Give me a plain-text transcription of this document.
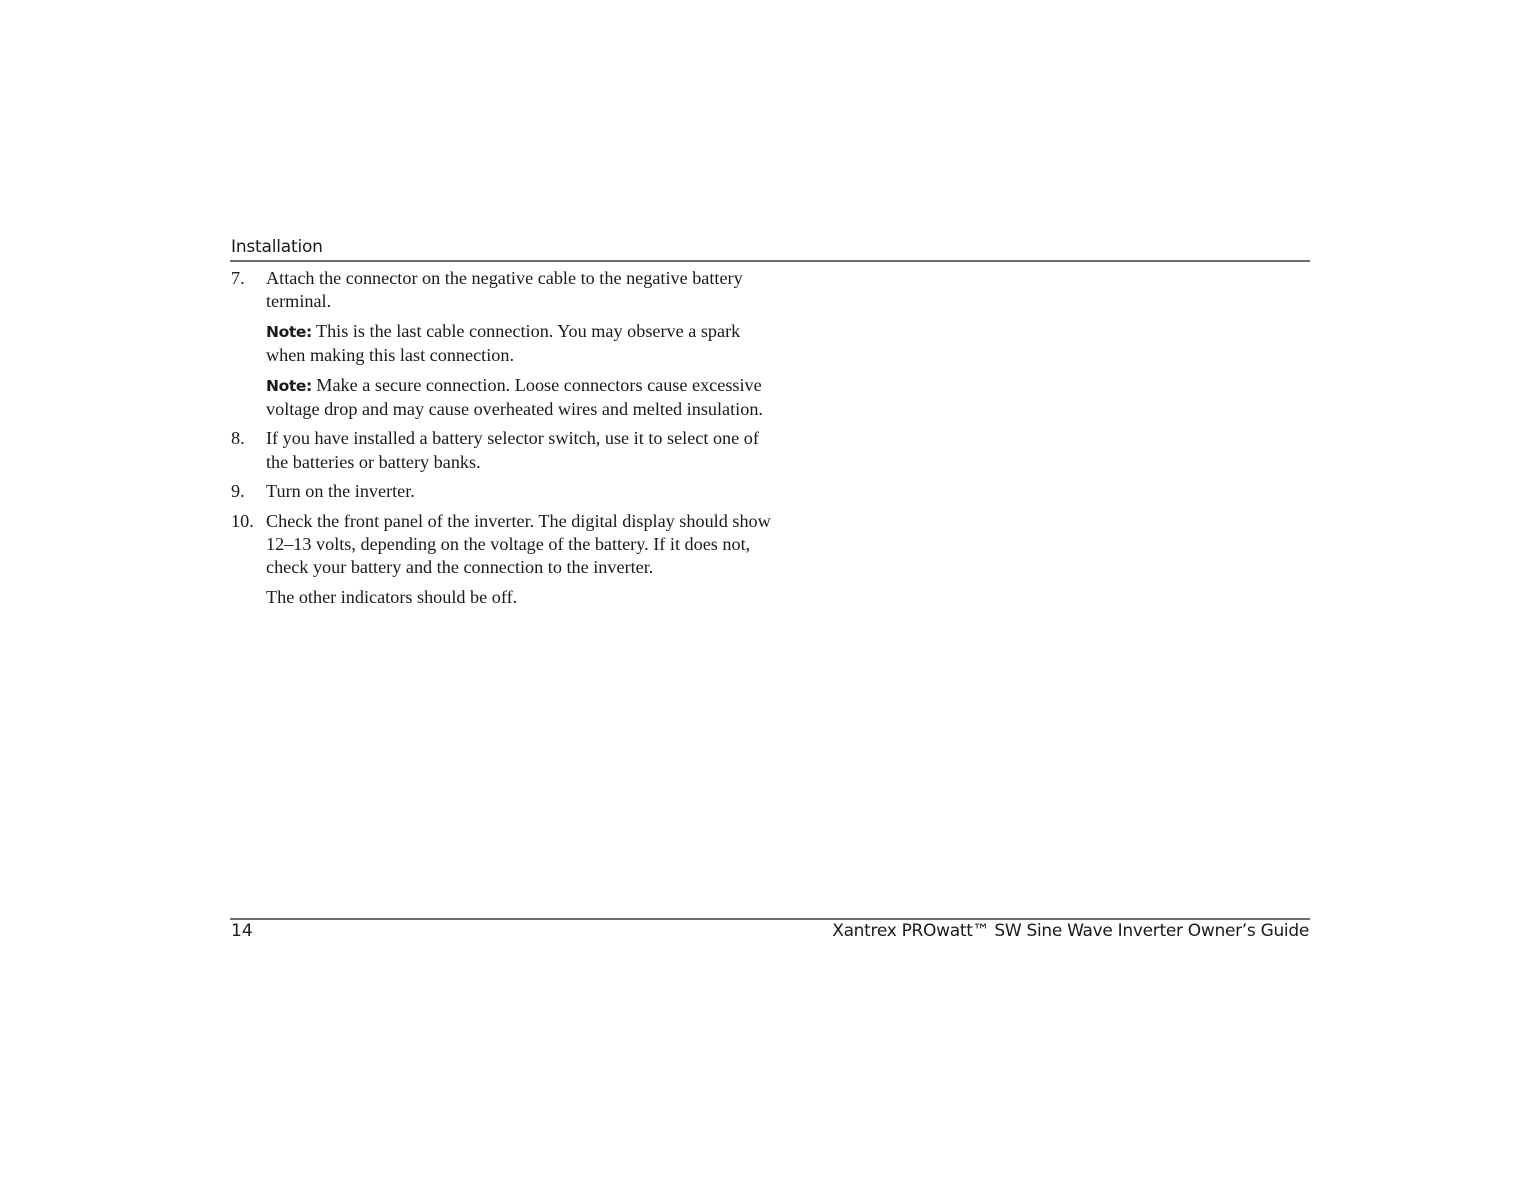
Installation
7. Attach the connector on the negative cable to the negative battery terminal.
Note: This is the last cable connection. You may observe a spark when making this last connection.
Note: Make a secure connection. Loose connectors cause excessive voltage drop and may cause overheated wires and melted insulation.
8. If you have installed a battery selector switch, use it to select one of the batteries or battery banks.
9. Turn on the inverter.
10. Check the front panel of the inverter. The digital display should show 12–13 volts, depending on the voltage of the battery. If it does not, check your battery and the connection to the inverter.
The other indicators should be off.
14	Xantrex PROwatt™ SW Sine Wave Inverter Owner’s Guide
